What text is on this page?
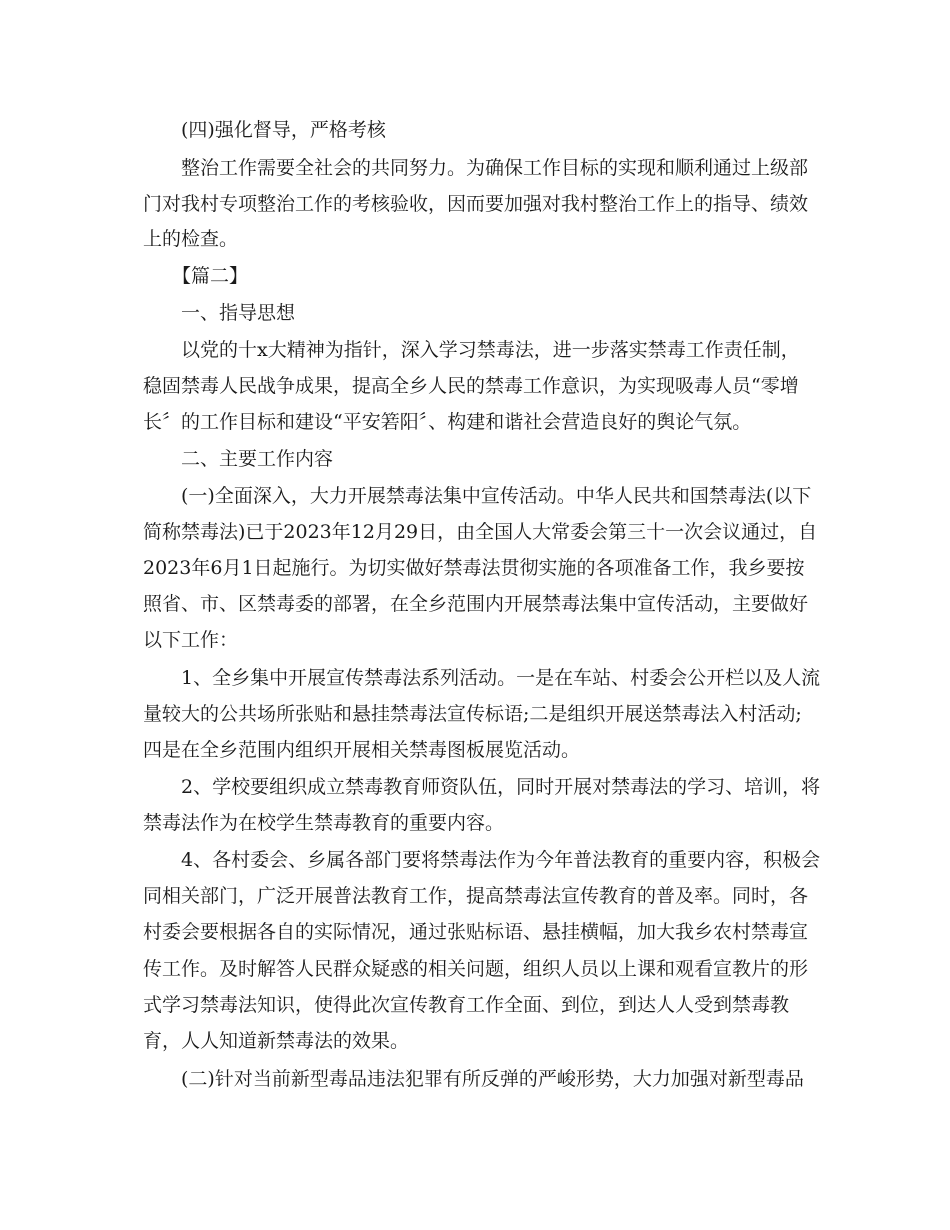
(四)强化督导，严格考核
整治工作需要全社会的共同努力。为确保工作目标的实现和顺利通过上级部
门对我村专项整治工作的考核验收，因而要加强对我村整治工作上的指导、绩效
上的检查。
【篇二】
一、指导思想
以党的十x大精神为指针，深入学习禁毒法，进一步落实禁毒工作责任制，
稳固禁毒人民战争成果，提高全乡人民的禁毒工作意识，为实现吸毒人员“零增
长〞的工作目标和建设“平安箬阳〞、构建和谐社会营造良好的舆论气氛。
二、主要工作内容
(一)全面深入，大力开展禁毒法集中宣传活动。中华人民共和国禁毒法(以下
简称禁毒法)已于2023年12月29日，由全国人大常委会第三十一次会议通过，自
2023年6月1日起施行。为切实做好禁毒法贯彻实施的各项准备工作，我乡要按
照省、市、区禁毒委的部署，在全乡范围内开展禁毒法集中宣传活动，主要做好
以下工作：
1、全乡集中开展宣传禁毒法系列活动。一是在车站、村委会公开栏以及人流
量较大的公共场所张贴和悬挂禁毒法宣传标语;二是组织开展送禁毒法入村活动;
四是在全乡范围内组织开展相关禁毒图板展览活动。
2、学校要组织成立禁毒教育师资队伍，同时开展对禁毒法的学习、培训，将
禁毒法作为在校学生禁毒教育的重要内容。
4、各村委会、乡属各部门要将禁毒法作为今年普法教育的重要内容，积极会
同相关部门，广泛开展普法教育工作，提高禁毒法宣传教育的普及率。同时，各
村委会要根据各自的实际情况，通过张贴标语、悬挂横幅，加大我乡农村禁毒宣
传工作。及时解答人民群众疑惑的相关问题，组织人员以上课和观看宣教片的形
式学习禁毒法知识，使得此次宣传教育工作全面、到位，到达人人受到禁毒教
育，人人知道新禁毒法的效果。
(二)针对当前新型毒品违法犯罪有所反弹的严峻形势，大力加强对新型毒品
